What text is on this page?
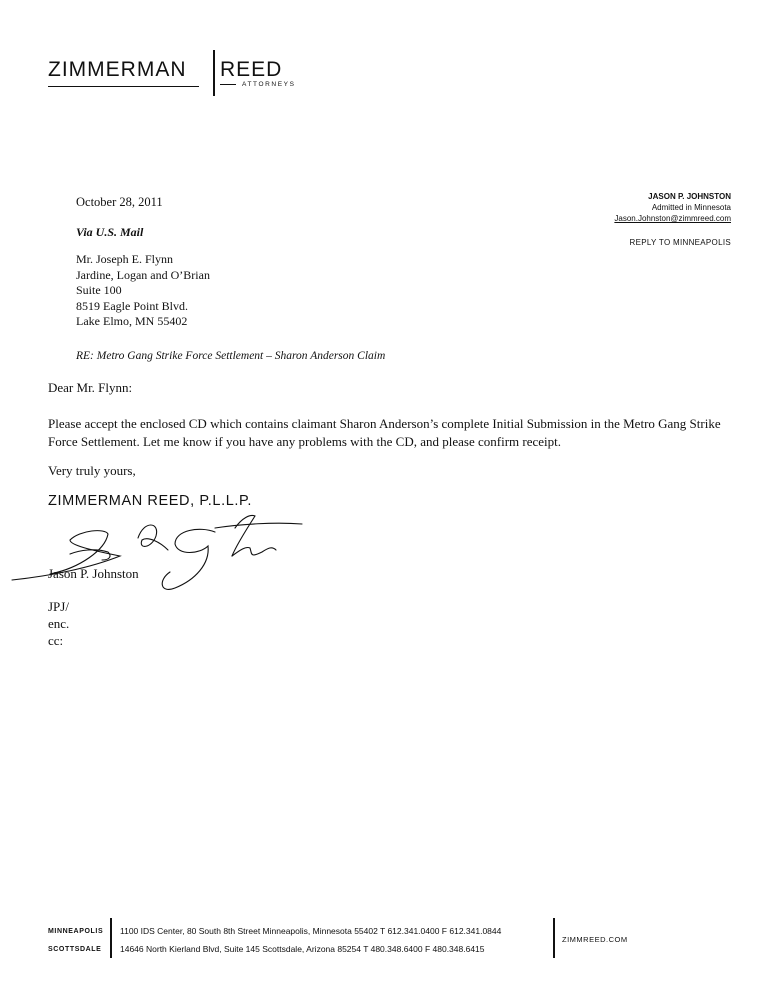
ZIMMERMAN REED
ATTORNEYS
JASON P. JOHNSTON
Admitted in Minnesota
Jason.Johnston@zimmreed.com
REPLY TO MINNEAPOLIS
October 28, 2011
Via U.S. Mail
Mr. Joseph E. Flynn
Jardine, Logan and O’Brian
Suite 100
8519 Eagle Point Blvd.
Lake Elmo, MN 55402
RE: Metro Gang Strike Force Settlement – Sharon Anderson Claim
Dear Mr. Flynn:
Please accept the enclosed CD which contains claimant Sharon Anderson’s complete Initial Submission in the Metro Gang Strike Force Settlement. Let me know if you have any problems with the CD, and please confirm receipt.
Very truly yours,
ZIMMERMAN REED, P.L.L.P.
Jason P. Johnston
JPJ/
enc.
cc:
MINNEAPOLIS
SCOTTSDALE
1100 IDS Center, 80 South 8th Street Minneapolis, Minnesota 55402 T 612.341.0400 F 612.341.0844
14646 North Kierland Blvd, Suite 145 Scottsdale, Arizona 85254 T 480.348.6400 F 480.348.6415
ZIMMREED.COM
